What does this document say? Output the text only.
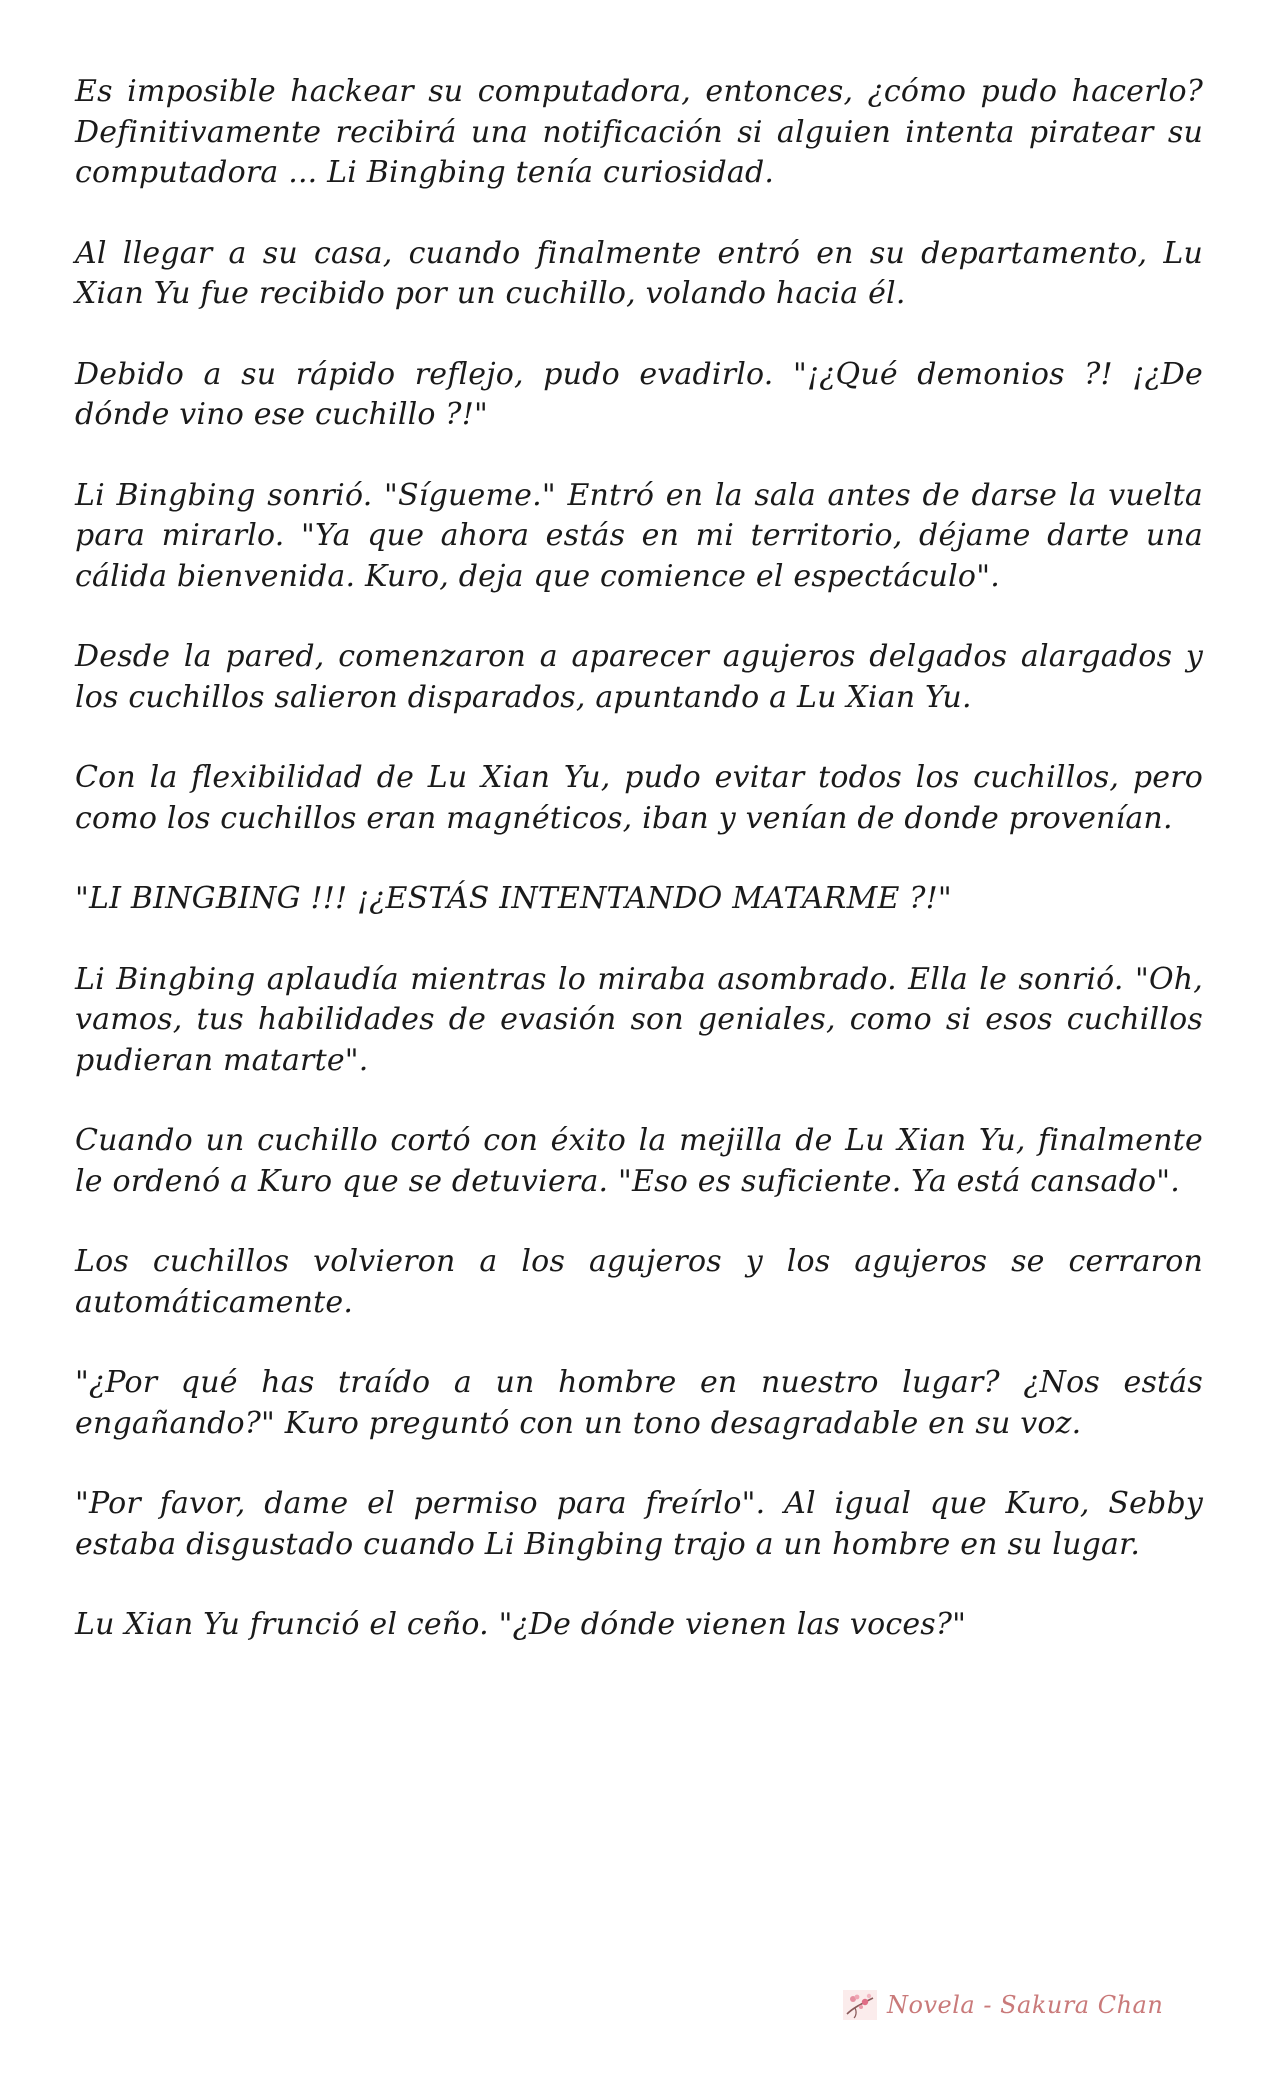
Es imposible hackear su computadora, entonces, ¿cómo pudo hacerlo? Definitivamente recibirá una notificación si alguien intenta piratear su computadora ... Li Bingbing tenía curiosidad.

Al llegar a su casa, cuando finalmente entró en su departamento, Lu Xian Yu fue recibido por un cuchillo, volando hacia él.

Debido a su rápido reflejo, pudo evadirlo. "¡¿Qué demonios ?! ¡¿De dónde vino ese cuchillo ?!"

Li Bingbing sonrió. "Sígueme." Entró en la sala antes de darse la vuelta para mirarlo. "Ya que ahora estás en mi territorio, déjame darte una cálida bienvenida. Kuro, deja que comience el espectáculo".

Desde la pared, comenzaron a aparecer agujeros delgados alargados y los cuchillos salieron disparados, apuntando a Lu Xian Yu.

Con la flexibilidad de Lu Xian Yu, pudo evitar todos los cuchillos, pero como los cuchillos eran magnéticos, iban y venían de donde provenían.

"LI BINGBING !!! ¡¿ESTÁS INTENTANDO MATARME ?!"

Li Bingbing aplaudía mientras lo miraba asombrado. Ella le sonrió. "Oh, vamos, tus habilidades de evasión son geniales, como si esos cuchillos pudieran matarte".

Cuando un cuchillo cortó con éxito la mejilla de Lu Xian Yu, finalmente le ordenó a Kuro que se detuviera. "Eso es suficiente. Ya está cansado".

Los cuchillos volvieron a los agujeros y los agujeros se cerraron automáticamente.

"¿Por qué has traído a un hombre en nuestro lugar? ¿Nos estás engañando?" Kuro preguntó con un tono desagradable en su voz.

"Por favor, dame el permiso para freírlo". Al igual que Kuro, Sebby estaba disgustado cuando Li Bingbing trajo a un hombre en su lugar.

Lu Xian Yu frunció el ceño. "¿De dónde vienen las voces?"

Novela - Sakura Chan
